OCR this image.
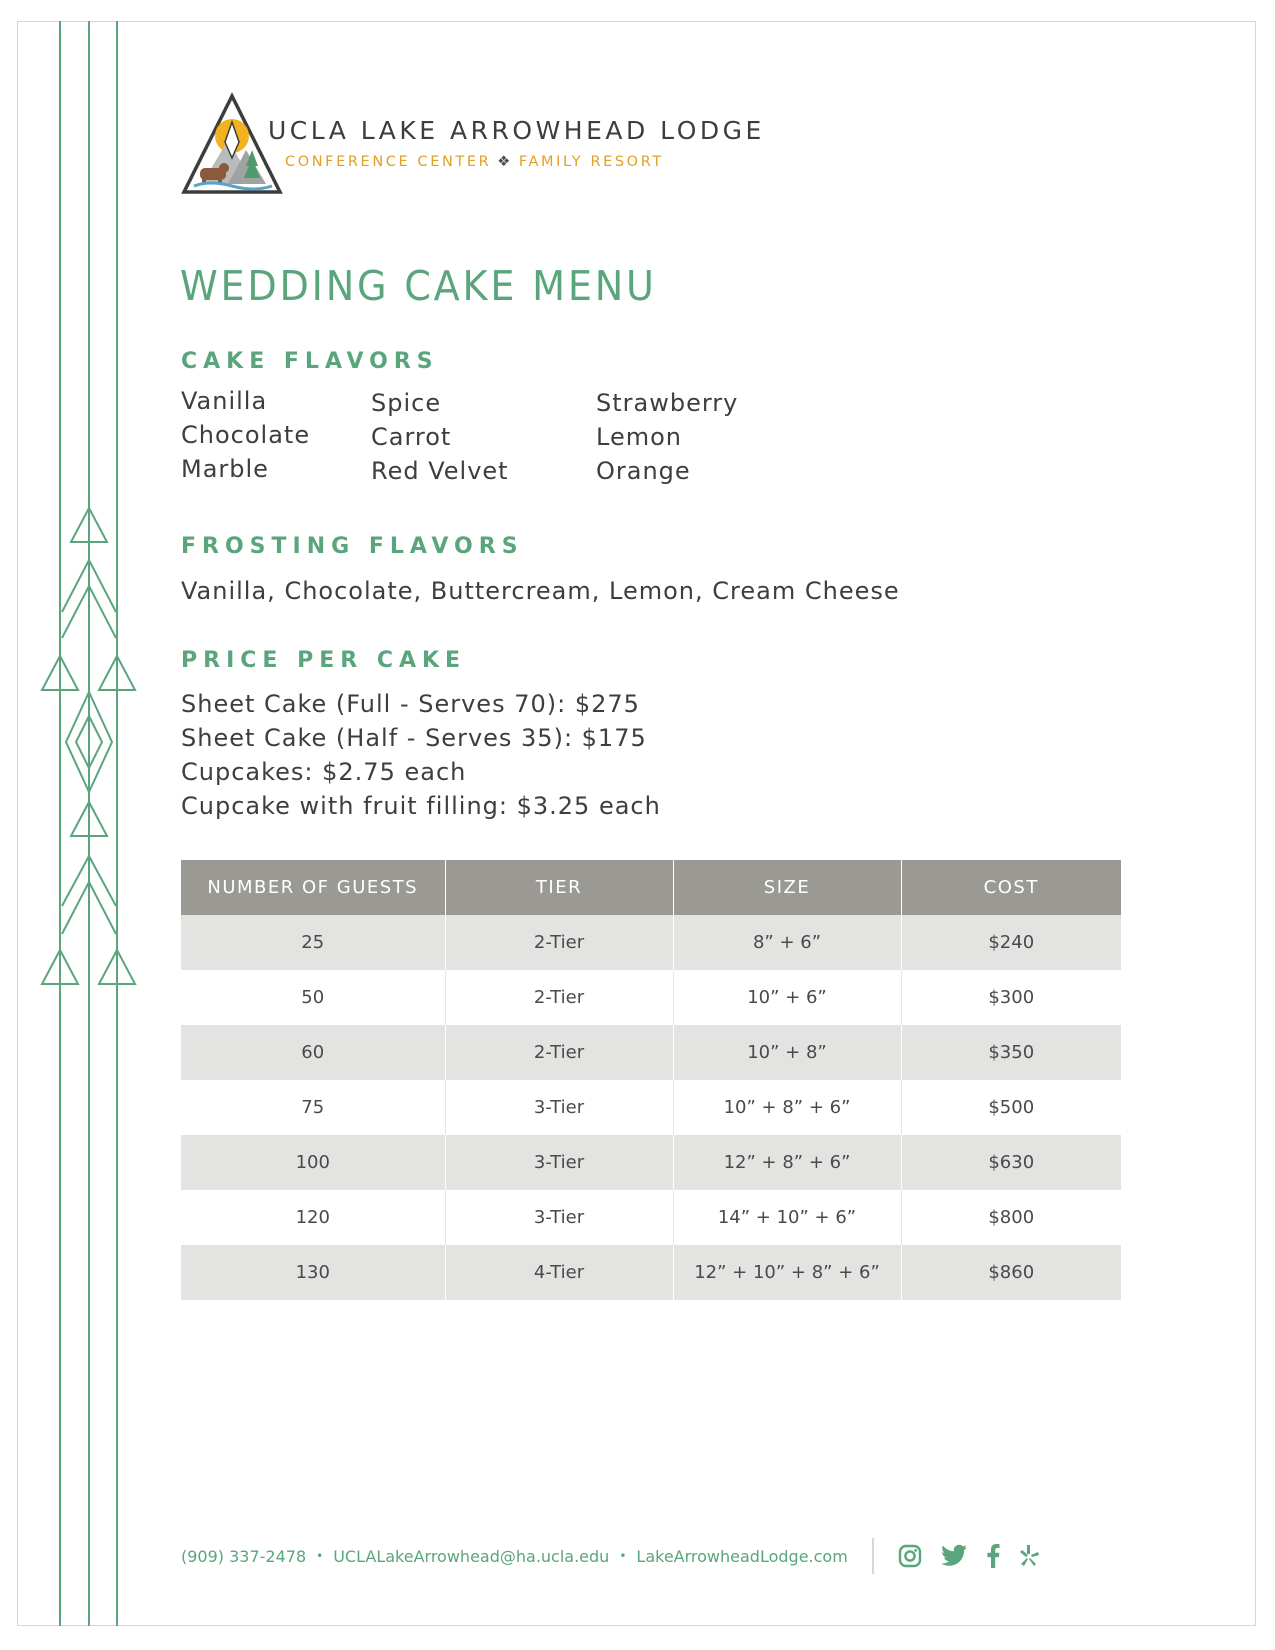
UCLA LAKE ARROWHEAD LODGE
CONFERENCE CENTER ❖ FAMILY RESORT
WEDDING CAKE MENU
CAKE FLAVORS
Vanilla
Chocolate
Marble
Spice
Carrot
Red Velvet
Strawberry
Lemon
Orange
FROSTING FLAVORS
Vanilla, Chocolate, Buttercream, Lemon, Cream Cheese
PRICE PER CAKE
Sheet Cake (Full - Serves 70): $275
Sheet Cake (Half - Serves 35): $175
Cupcakes: $2.75 each
Cupcake with fruit filling: $3.25 each
NUMBER OF GUESTS	TIER	SIZE	COST
25	2-Tier	8” + 6”	$240
50	2-Tier	10” + 6”	$300
60	2-Tier	10” + 8”	$350
75	3-Tier	10” + 8” + 6”	$500
100	3-Tier	12” + 8” + 6”	$630
120	3-Tier	14” + 10” + 6”	$800
130	4-Tier	12” + 10” + 8” + 6”	$860
(909) 337-2478 • UCLALakeArrowhead@ha.ucla.edu • LakeArrowheadLodge.com
